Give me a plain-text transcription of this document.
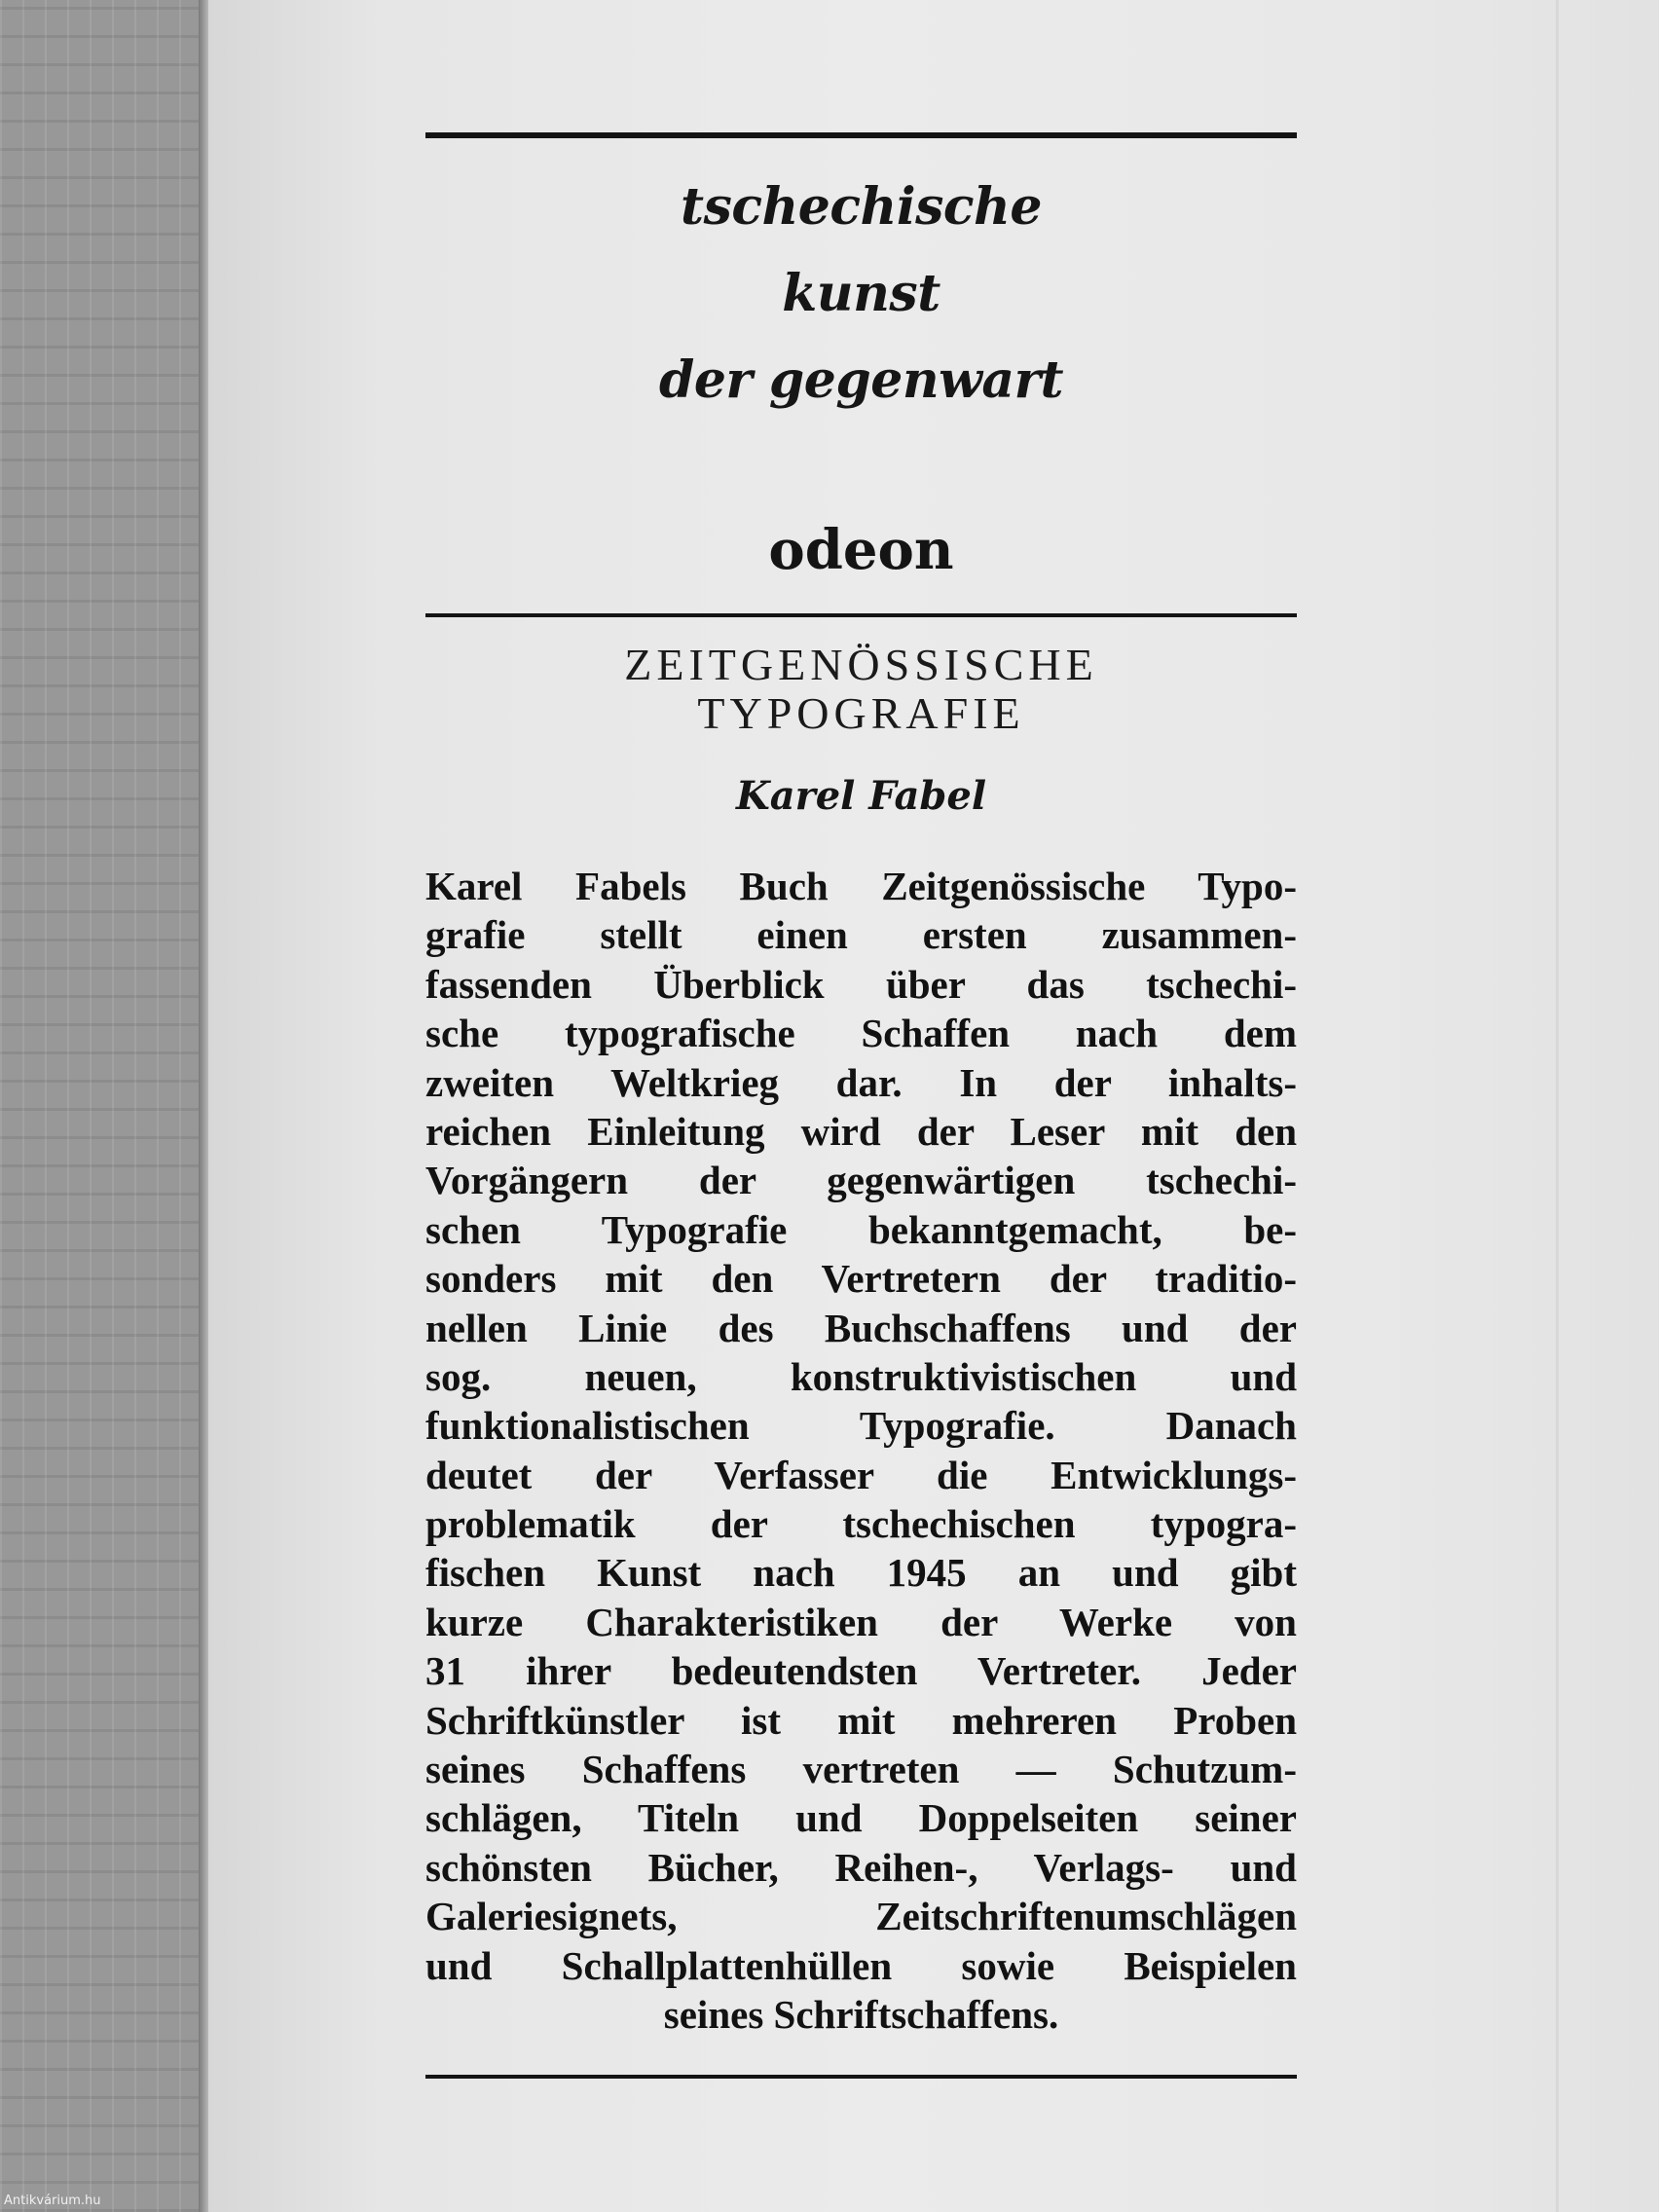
tschechische
kunst
der gegenwart
odeon
ZEITGENÖSSISCHE
TYPOGRAFIE
Karel Fabel
Karel Fabels Buch Zeitgenössische Typo-
grafie stellt einen ersten zusammen-
fassenden Überblick über das tschechi-
sche typografische Schaffen nach dem
zweiten Weltkrieg dar. In der inhalts-
reichen Einleitung wird der Leser mit den
Vorgängern der gegenwärtigen tschechi-
schen Typografie bekanntgemacht, be-
sonders mit den Vertretern der traditio-
nellen Linie des Buchschaffens und der
sog. neuen, konstruktivistischen und
funktionalistischen Typografie. Danach
deutet der Verfasser die Entwicklungs-
problematik der tschechischen typogra-
fischen Kunst nach 1945 an und gibt
kurze Charakteristiken der Werke von
31 ihrer bedeutendsten Vertreter. Jeder
Schriftkünstler ist mit mehreren Proben
seines Schaffens vertreten — Schutzum-
schlägen, Titeln und Doppelseiten seiner
schönsten Bücher, Reihen-, Verlags- und
Galeriesignets, Zeitschriftenumschlägen
und Schallplattenhüllen sowie Beispielen
seines Schriftschaffens.
Antikvárium.hu
